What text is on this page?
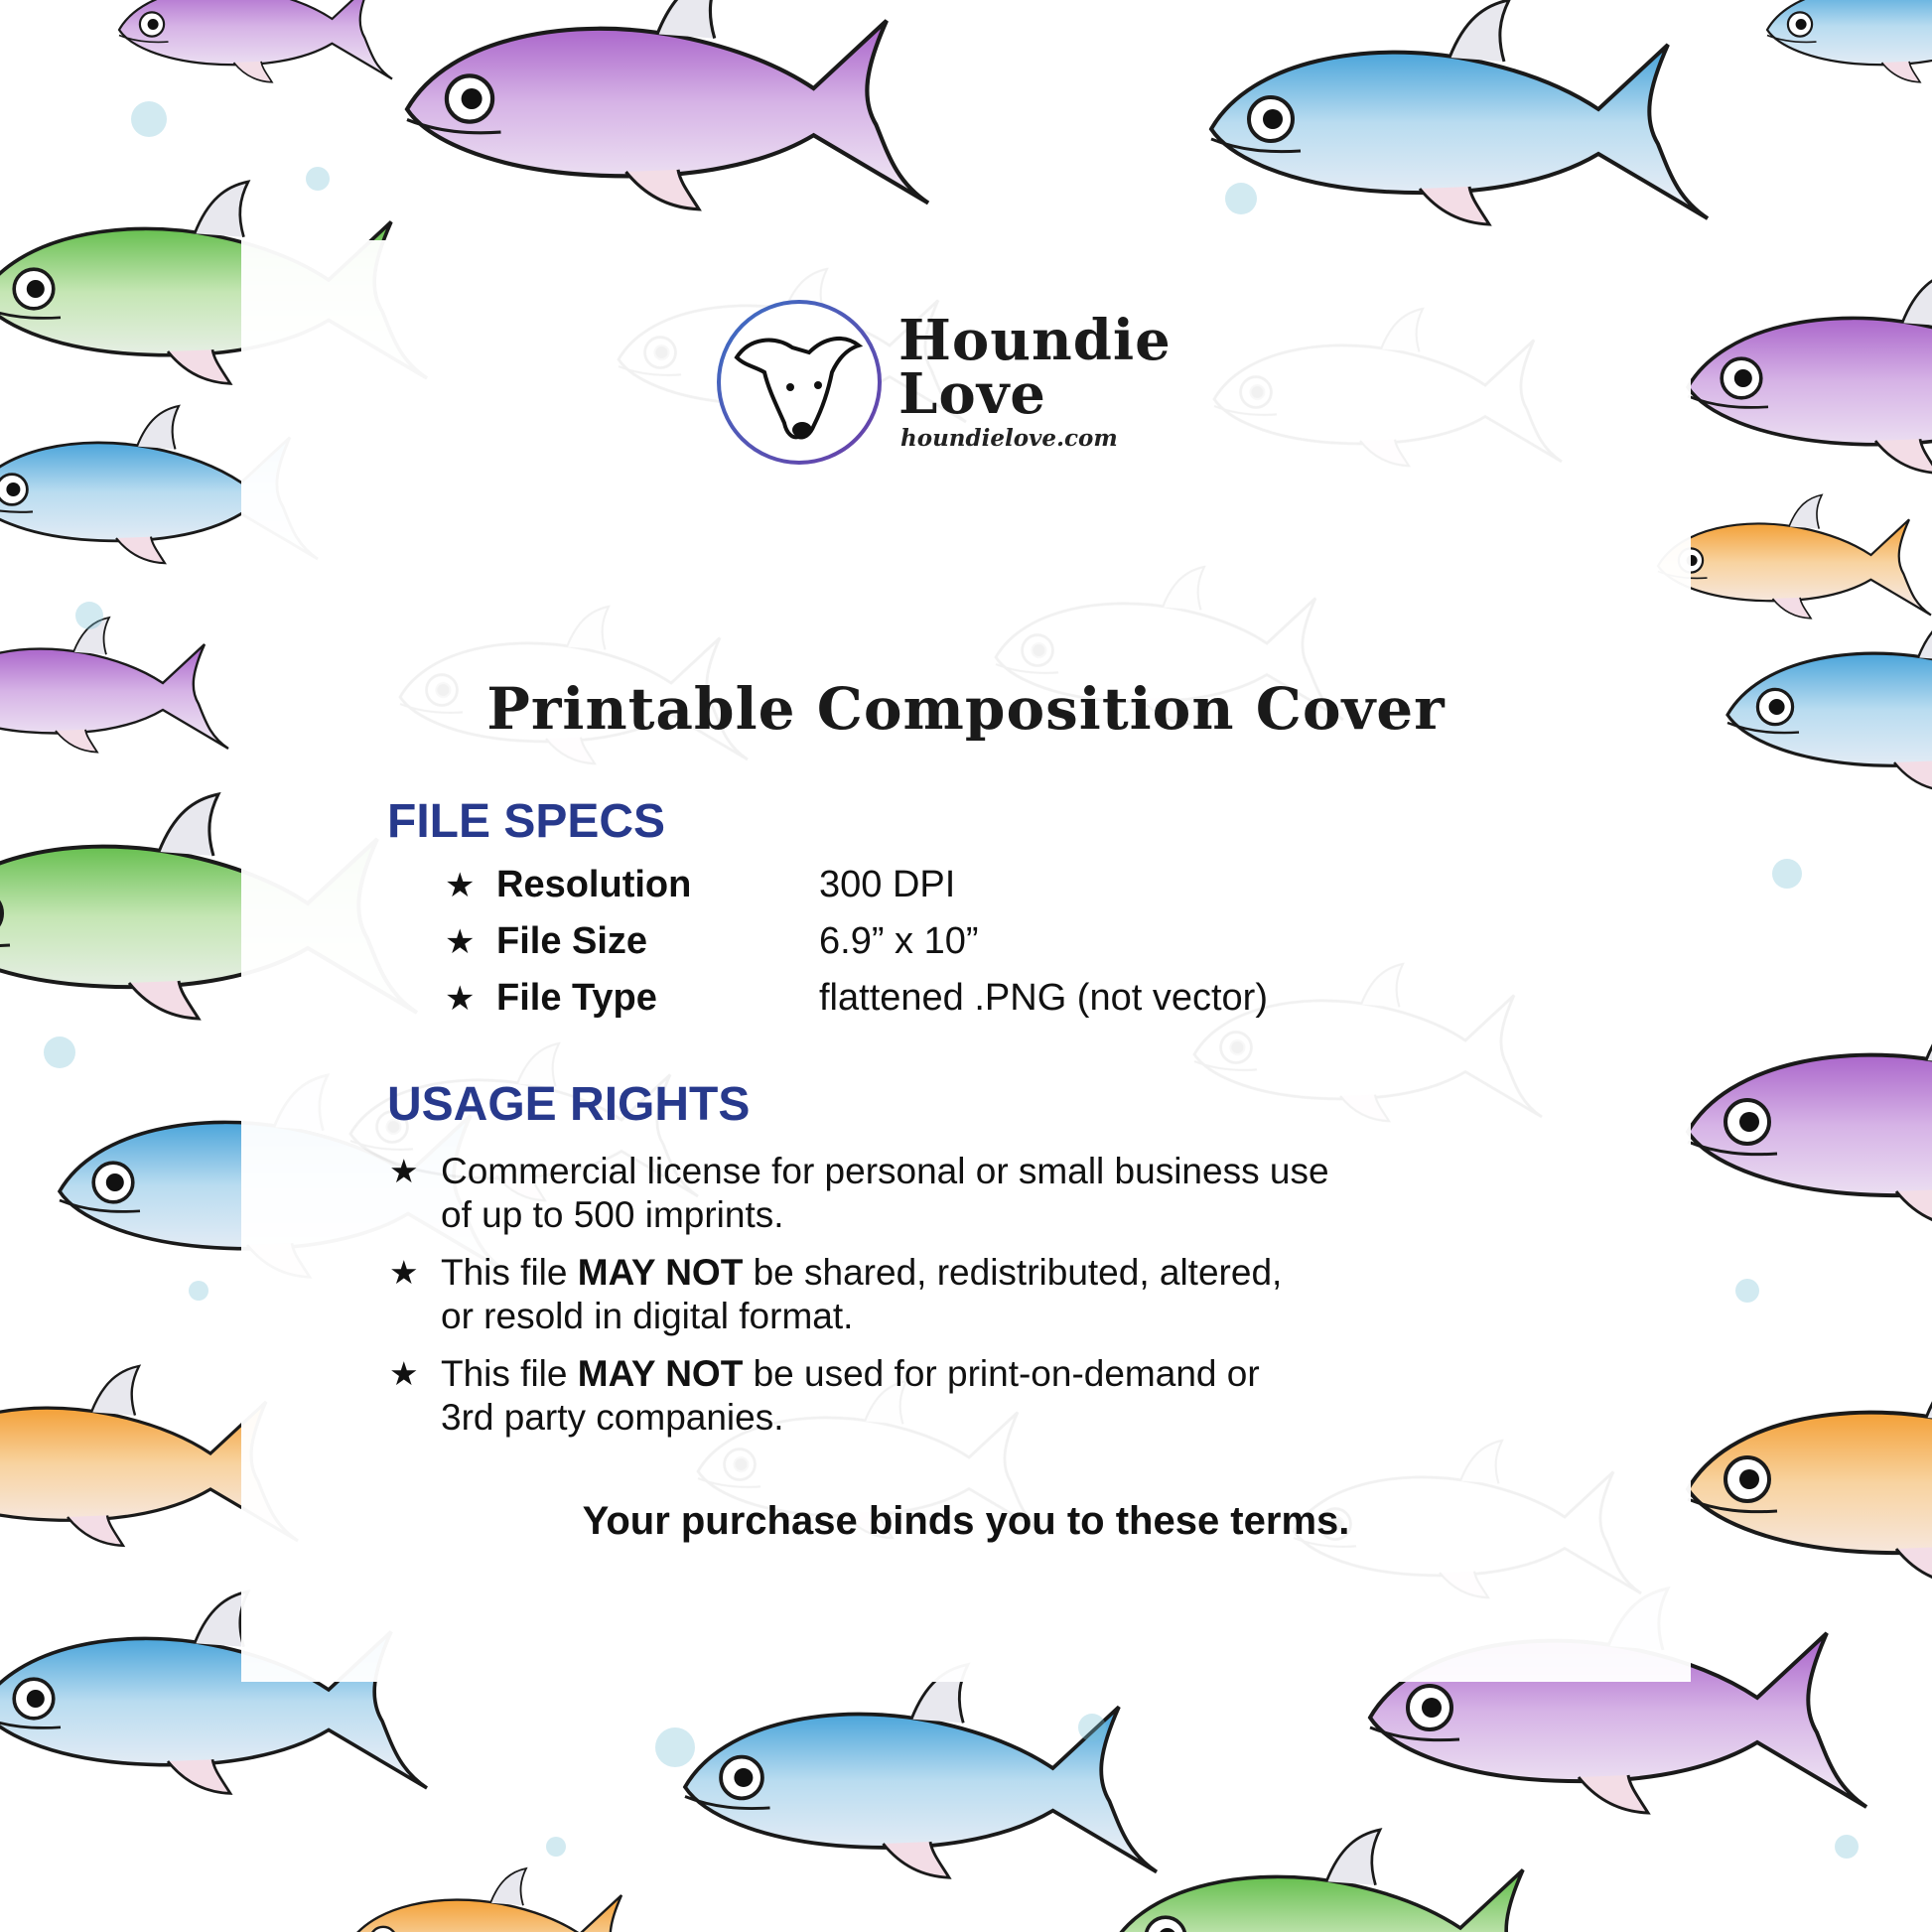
Houndie
Love
houndielove.com
Printable Composition Cover
FILE SPECS
★ Resolution	300 DPI
★ File Size	6.9” x 10”
★ File Type	flattened .PNG (not vector)
USAGE RIGHTS
★ Commercial license for personal or small business use
of up to 500 imprints.
★ This file MAY NOT be shared, redistributed, altered,
or resold in digital format.
★ This file MAY NOT be used for print-on-demand or
3rd party companies.
Your purchase binds you to these terms.
